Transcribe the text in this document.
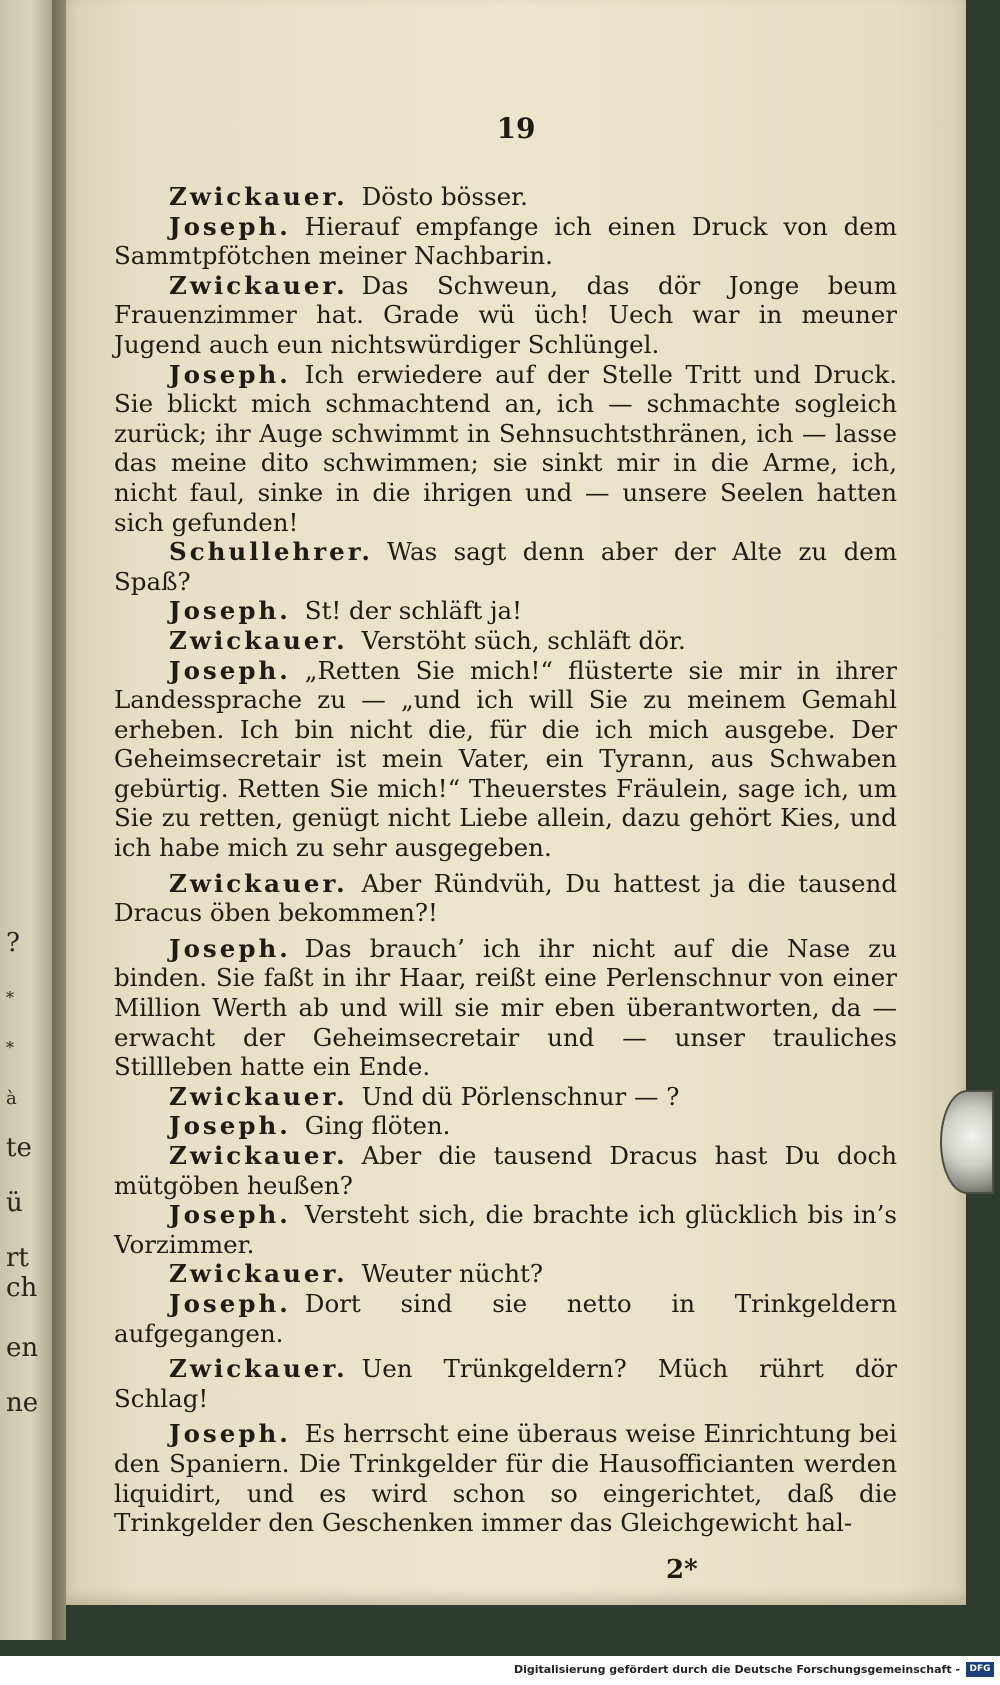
?
*
*
à
te
ü
rt
ch
en
ne
19

Zwickauer. Dösto bösser.

Joseph. Hierauf empfange ich einen Druck von dem Sammtpfötchen meiner Nachbarin.

Zwickauer. Das Schweun, das dör Jonge beum Frauenzimmer hat. Grade wü üch! Uech war in meuner Jugend auch eun nichtswürdiger Schlüngel.

Joseph. Ich erwiedere auf der Stelle Tritt und Druck. Sie blickt mich schmachtend an, ich — schmachte sogleich zurück; ihr Auge schwimmt in Sehnsuchtsthränen, ich — lasse das meine dito schwimmen; sie sinkt mir in die Arme, ich, nicht faul, sinke in die ihrigen und — unsere Seelen hatten sich gefunden!

Schullehrer. Was sagt denn aber der Alte zu dem Spaß?

Joseph. St! der schläft ja!

Zwickauer. Verstöht süch, schläft dör.

Joseph. „Retten Sie mich!“ flüsterte sie mir in ihrer Landessprache zu — „und ich will Sie zu meinem Gemahl erheben. Ich bin nicht die, für die ich mich ausgebe. Der Geheimsecretair ist mein Vater, ein Tyrann, aus Schwaben gebürtig. Retten Sie mich!“ Theuerstes Fräulein, sage ich, um Sie zu retten, genügt nicht Liebe allein, dazu gehört Kies, und ich habe mich zu sehr ausgegeben.

Zwickauer. Aber Ründvüh, Du hattest ja die tausend Dracus öben bekommen?!

Joseph. Das brauch’ ich ihr nicht auf die Nase zu binden. Sie faßt in ihr Haar, reißt eine Perlenschnur von einer Million Werth ab und will sie mir eben überantworten, da — erwacht der Geheimsecretair und — unser trauliches Stillleben hatte ein Ende.

Zwickauer. Und dü Pörlenschnur — ?

Joseph. Ging flöten.

Zwickauer. Aber die tausend Dracus hast Du doch mütgöben heußen?

Joseph. Versteht sich, die brachte ich glücklich bis in’s Vorzimmer.

Zwickauer. Weuter nücht?

Joseph. Dort sind sie netto in Trinkgeldern aufgegangen.

Zwickauer. Uen Trünkgeldern? Müch rührt dör Schlag!

Joseph. Es herrscht eine überaus weise Einrichtung bei den Spaniern. Die Trinkgelder für die Hausofficianten werden liquidirt, und es wird schon so eingerichtet, daß die Trinkgelder den Geschenken immer das Gleichgewicht hal-

2*
Digitalisierung gefördert durch die Deutsche Forschungsgemeinschaft -	DFG
